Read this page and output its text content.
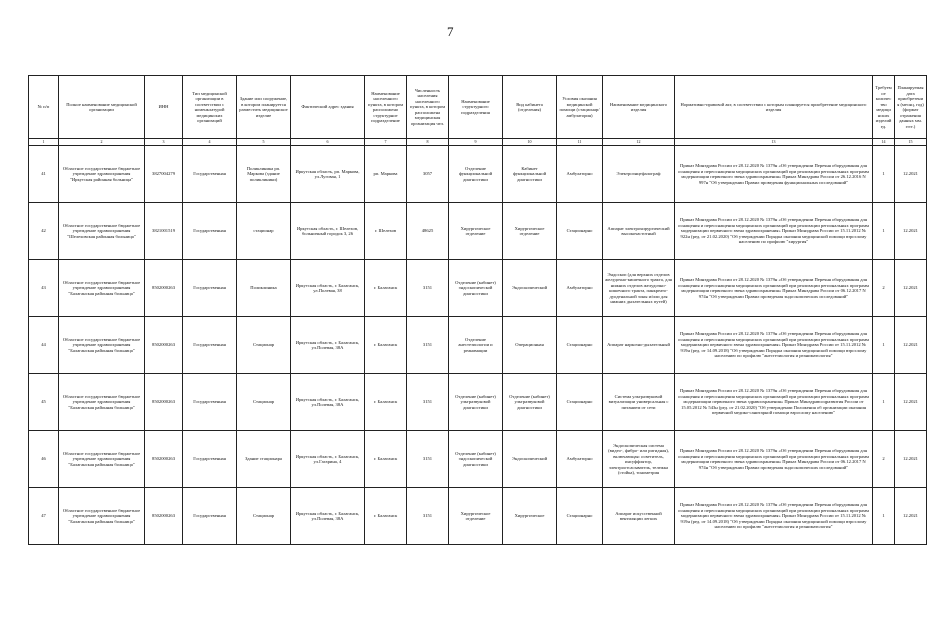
7
№ п/п	Полное наименование медицинской организации	ИНН	Тип медицинской организации в соответствии с номенклатурой медицинских организаций	Здание или сооружение, в котором планируется разместить медицинское изделие	Фактический адрес здания	Наименование населенного пункта, в котором расположено структурное подразделение	Численность населения населенного пункта, в котором расположена медицинская организация чел.	Наименование структурного подразделения	Вид кабинета (отделения)	Условия оказания медицинской помощи (стационар/амбулатория)	Наименование медицинского изделия	Нормативно-правовой акт, в соответствии с которым планируется приобретение медицинского изделия	Требуемое количество медицинских изделий ед.	Планируемая дата приобретения (месяц, год) (формат отражения данных мм. гггг.)
1	2	3	4	5	6	7	8	9	10	11	12	13	14	15
41	Областное государственное бюджетное учреждение здравоохранения "Иркутская районная больница"	3827004279	Государственная	Поликлиника рп. Маркова (здание поликлиники)	Иркутская область, рп. Маркова, ул.Луговая, 1	рп. Маркова	3057	Отделение функциональной диагностики	Кабинет функциональной диагностики	Амбулаторно	Электроэнцефалограф	Приказ Минздрава России от 28.12.2020 № 1379н «Об утверждении Перечня оборудования для оснащения и переоснащения медицинских организаций при реализации региональных программ модернизации первичного звена здравоохранения» Приказ Минздрава России от 26.12.2016 N 997н "Об утверждении Правил проведения функциональных исследований"	1	12.2021
42	Областное государственное бюджетное учреждение здравоохранения "Шелеховская районная больница"	3821001519	Государственная	стационар	Иркутская область, г. Шелехов, больничный городок 3, 26	г. Шелехов	48625	Хирургическое отделение	Хирургическое отделение	Стационарно	Аппарат электрохирургический высокочастотный	Приказ Минздрава России от 28.12.2020 № 1379н «Об утверждении Перечня оборудования для оснащения и переоснащения медицинских организаций при реализации региональных программ модернизации первичного звена здравоохранения» Приказ Минздрава России от 15.11.2012 № 922н (ред. от 21.02.2020) "Об утверждении Порядка оказания медицинской помощи взрослому населению по профилю "хирургия"	1	12.2021
43	Областное государственное бюджетное учреждение здравоохранения "Балаганская районная больница"	8502000263	Государственная	Поликлиника	Иркутская область, г. Балаганск, ул.Полевая, 38	г. Балаганск	3151	Отделение (кабинет) эндоскопической диагностики	Эндоскопический	Амбулаторно	Эндоскоп (для верхних отделов желудочно-кишечного тракта, для нижних отделов желудочно-кишечного тракта, панкреато-дуоденальной зоны и/или для нижних дыхательных путей)	Приказ Минздрава России от 28.12.2020 № 1379н «Об утверждении Перечня оборудования для оснащения и переоснащения медицинских организаций при реализации региональных программ модернизации первичного звена здравоохранения» Приказ Минздрава России от 06.12.2017 N 974н "Об утверждении Правил проведения эндоскопических исследований"	2	12.2021
44	Областное государственное бюджетное учреждение здравоохранения "Балаганская районная больница"	8502000263	Государственная	Стационар	Иркутская область, г. Балаганск, ул.Полевая, 38А	г. Балаганск	3151	Отделение анестезиологии и реанимации	Операционная	Стационарно	Аппарат наркозно-дыхательный	Приказ Минздрава России от 28.12.2020 № 1379н «Об утверждении Перечня оборудования для оснащения и переоснащения медицинских организаций при реализации региональных программ модернизации первичного звена здравоохранения» Приказ Минздрава России от 15.11.2012 № 919н (ред. от 14.09.2018) "Об утверждении Порядка оказания медицинской помощи взрослому населению по профилю "анестезиология и реаниматология"	1	12.2021
45	Областное государственное бюджетное учреждение здравоохранения "Балаганская районная больница"	8502000263	Государственная	Стационар	Иркутская область, г. Балаганск, ул.Полевая, 38А	г. Балаганск	3151	Отделение (кабинет) ультразвуковой диагностики	Отделение (кабинет) ультразвуковой диагностики	Стационарно	Система ультразвуковой визуализации универсальная с питанием от сети	Приказ Минздрава России от 28.12.2020 № 1379н «Об утверждении Перечня оборудования для оснащения и переоснащения медицинских организаций при реализации региональных программ модернизации первичного звена здравоохранения» Приказ Минздравсоцразвития России от 15.05.2012 № 543н (ред. от 21.02.2020) "Об утверждении Положения об организации оказания первичной медико-санитарной помощи взрослому населению"	1	12.2021
46	Областное государственное бюджетное учреждение здравоохранения "Балаганская районная больница"	8502000263	Государственная	Здание стационара	Иркутская область, г. Балаганск, ул.Гагарина, 4	г. Балаганск	3151	Отделение (кабинет) эндоскопической диагностики	Эндоскопический	Амбулаторно	Эндоскопическая система (видео-, фибро- или ригидная), включающая: осветитель, инсуффлятор, электроотсасыватель, тележка (стойка), тонометрия	Приказ Минздрава России от 28.12.2020 № 1379н «Об утверждении Перечня оборудования для оснащения и переоснащения медицинских организаций при реализации региональных программ модернизации первичного звена здравоохранения» Приказ Минздрава России от 06.12.2017 N 974н "Об утверждении Правил проведения эндоскопических исследований"	2	12.2021
47	Областное государственное бюджетное учреждение здравоохранения "Балаганская районная больница"	8502000263	Государственная	Стационар	Иркутская область, г. Балаганск, ул.Полевая, 38А	г. Балаганск	3151	Хирургическое отделение	Хирургическое	Стационарно	Аппарат искусственной вентиляции легких	Приказ Минздрава России от 28.12.2020 № 1379н «Об утверждении Перечня оборудования для оснащения и переоснащения медицинских организаций при реализации региональных программ модернизации первичного звена здравоохранения» Приказ Минздрава России от 15.11.2012 № 919н (ред. от 14.09.2018) "Об утверждении Порядка оказания медицинской помощи взрослому населению по профилю "анестезиология и реаниматология"	1	12.2021
